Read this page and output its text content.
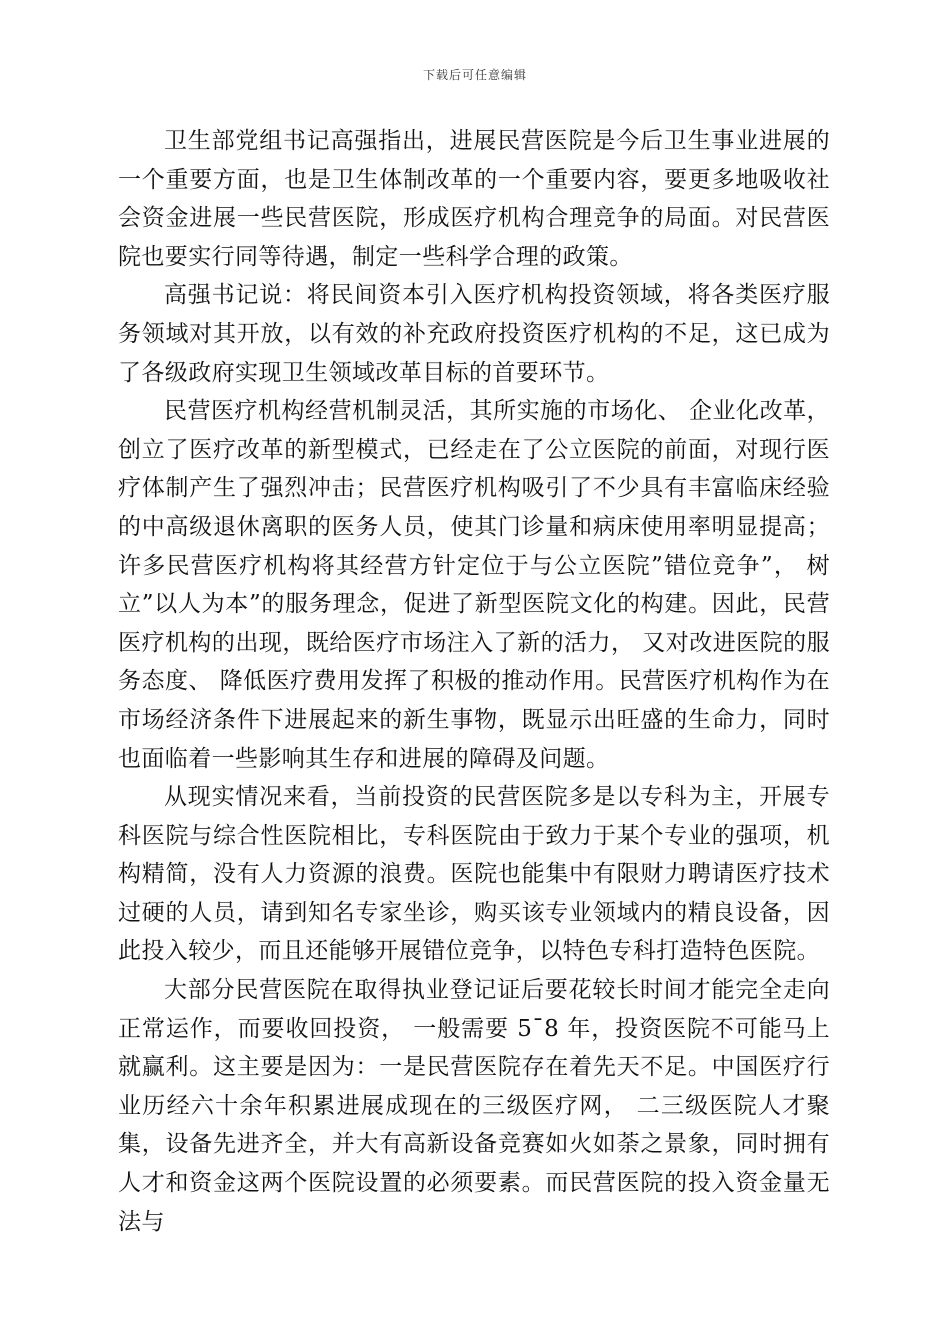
下载后可任意编辑

卫生部党组书记高强指出，进展民营医院是今后卫生事业进展的一个重要方面，也是卫生体制改革的一个重要内容，要更多地吸收社会资金进展一些民营医院，形成医疗机构合理竞争的局面。对民营医院也要实行同等待遇，制定一些科学合理的政策。

高强书记说：将民间资本引入医疗机构投资领域，将各类医疗服务领域对其开放，以有效的补充政府投资医疗机构的不足，这已成为了各级政府实现卫生领域改革目标的首要环节。

民营医疗机构经营机制灵活，其所实施的市场化、 企业化改革，创立了医疗改革的新型模式，已经走在了公立医院的前面，对现行医疗体制产生了强烈冲击；民营医疗机构吸引了不少具有丰富临床经验的中高级退休离职的医务人员，使其门诊量和病床使用率明显提高；许多民营医疗机构将其经营方针定位于与公立医院”错位竞争”， 树立”以人为本”的服务理念，促进了新型医院文化的构建。因此，民营医疗机构的出现，既给医疗市场注入了新的活力， 又对改进医院的服务态度、 降低医疗费用发挥了积极的推动作用。民营医疗机构作为在市场经济条件下进展起来的新生事物，既显示出旺盛的生命力，同时也面临着一些影响其生存和进展的障碍及问题。

从现实情况来看，当前投资的民营医院多是以专科为主，开展专科医院与综合性医院相比，专科医院由于致力于某个专业的强项，机构精简，没有人力资源的浪费。医院也能集中有限财力聘请医疗技术过硬的人员，请到知名专家坐诊，购买该专业领域内的精良设备，因此投入较少，而且还能够开展错位竞争，以特色专科打造特色医院。

大部分民营医院在取得执业登记证后要花较长时间才能完全走向正常运作，而要收回投资， 一般需要 5¯8 年，投资医院不可能马上就赢利。这主要是因为：一是民营医院存在着先天不足。中国医疗行业历经六十余年积累进展成现在的三级医疗网， 二三级医院人才聚集，设备先进齐全，并大有高新设备竞赛如火如荼之景象，同时拥有人才和资金这两个医院设置的必须要素。而民营医院的投入资金量无法与
